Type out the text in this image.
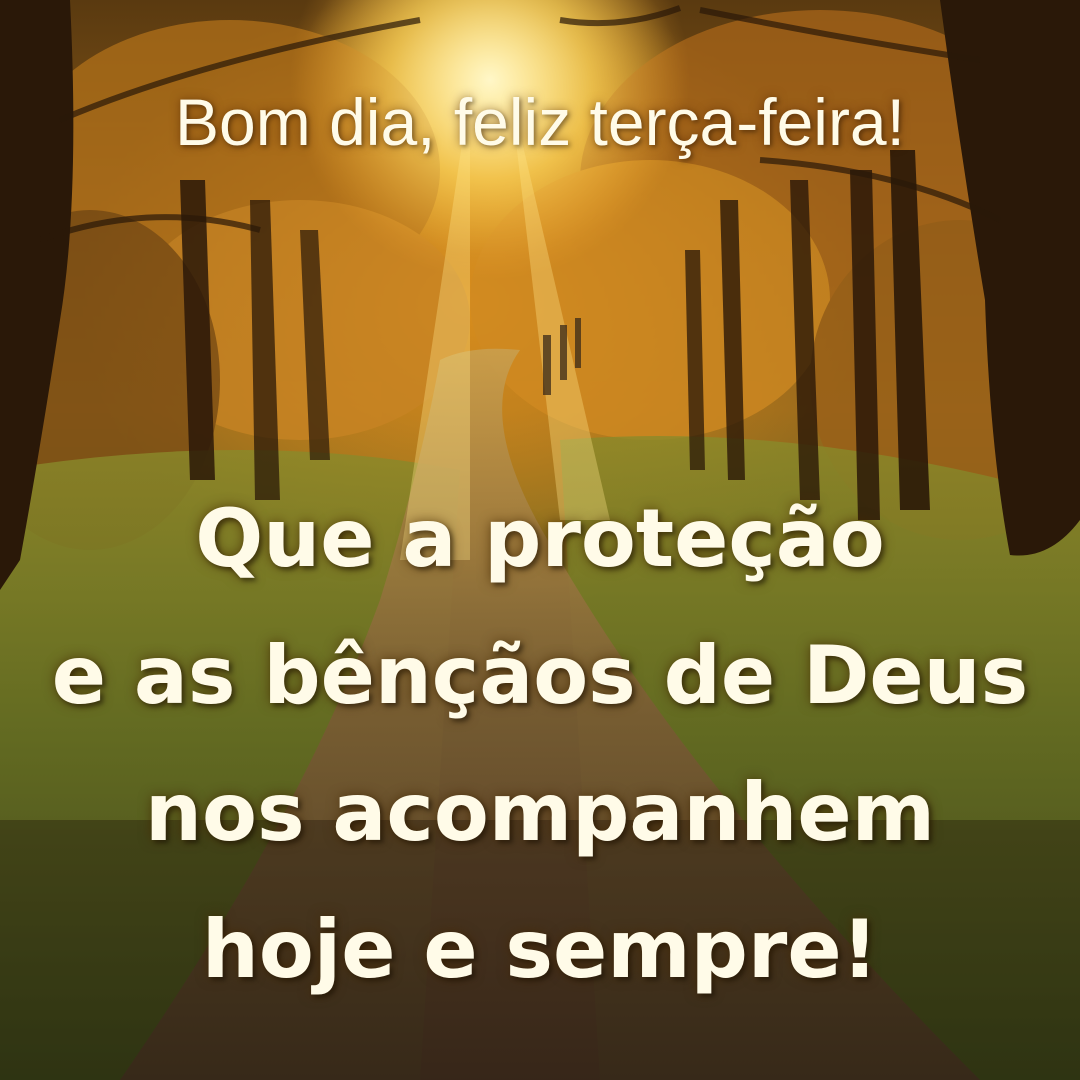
Bom dia, feliz terça-feira!
Que a proteção
e as bênçãos de Deus
nos acompanhem
hoje e sempre!
